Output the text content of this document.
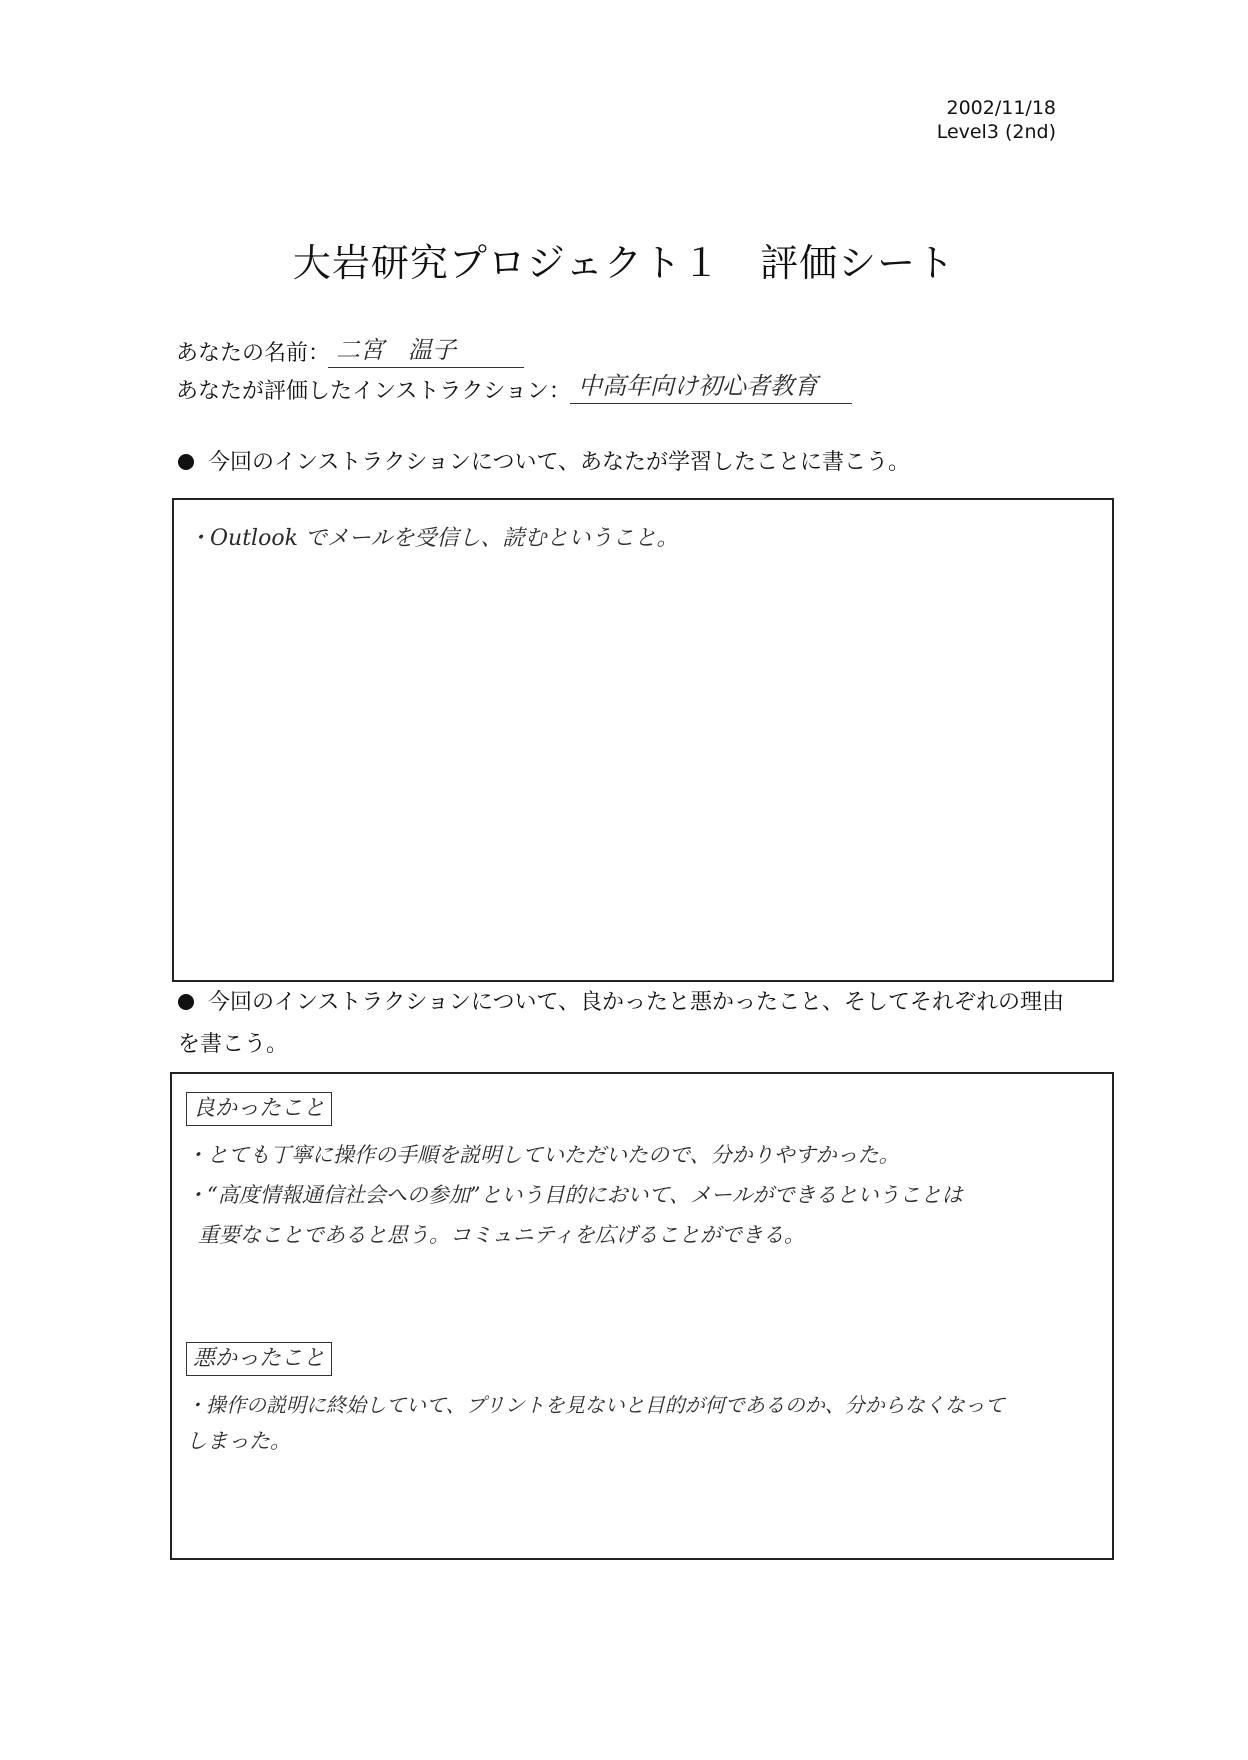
2002/11/18
Level3 (2nd)
大岩研究プロジェクト１　評価シート
あなたの名前： 二宮　温子
あなたが評価したインストラクション： 中高年向け初心者教育
今回のインストラクションについて、あなたが学習したことに書こう。
・Outlook でメールを受信し、読むということ。
今回のインストラクションについて、良かったと悪かったこと、そしてそれぞれの理由
を書こう。
良かったこと
・とても丁寧に操作の手順を説明していただいたので、分かりやすかった。
・“高度情報通信社会への参加”という目的において、メールができるということは
重要なことであると思う。コミュニティを広げることができる。
悪かったこと
・操作の説明に終始していて、プリントを見ないと目的が何であるのか、分からなくなって
しまった。
